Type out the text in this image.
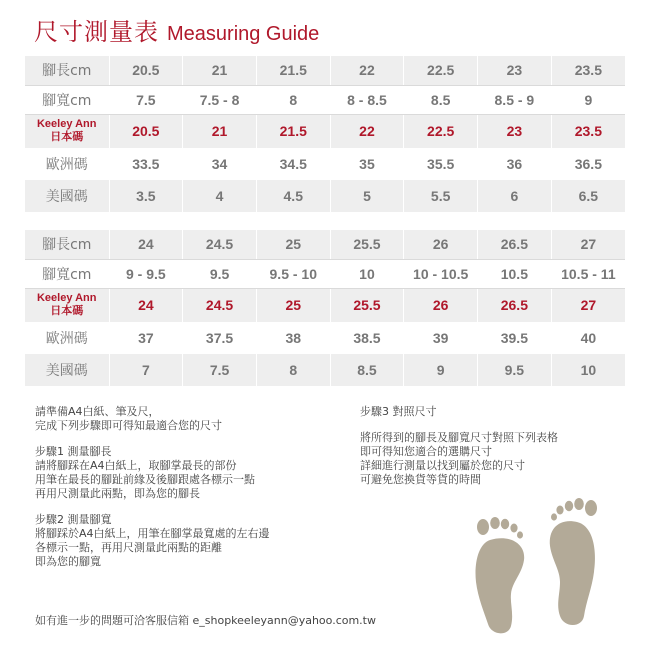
尺寸測量表 Measuring Guide
腳長cm	20.5	21	21.5	22	22.5	23	23.5
腳寬cm	7.5	7.5 - 8	8	8 - 8.5	8.5	8.5 - 9	9

Keeley Ann
日本碼	20.5	21	21.5	22	22.5	23	23.5
歐洲碼	33.5	34	34.5	35	35.5	36	36.5
美國碼	3.5	4	4.5	5	5.5	6	6.5
腳長cm	24	24.5	25	25.5	26	26.5	27
腳寬cm	9 - 9.5	9.5	9.5 - 10	10	10 - 10.5	10.5	10.5 - 11

Keeley Ann
日本碼	24	24.5	25	25.5	26	26.5	27
歐洲碼	37	37.5	38	38.5	39	39.5	40
美國碼	7	7.5	8	8.5	9	9.5	10

請準備A4白紙、筆及尺，

完成下列步驟即可得知最適合您的尺寸

步驟1 測量腳長

請將腳踩在A4白紙上，取腳掌最長的部份

用筆在最長的腳趾前緣及後腳跟處各標示一點

再用尺測量此兩點，即為您的腳長

步驟2 測量腳寬

將腳踩於A4白紙上，用筆在腳掌最寬處的左右邊

各標示一點，再用尺測量此兩點的距離

即為您的腳寬

如有進一步的問題可洽客服信箱 e_shopkeeleyann@yahoo.com.tw

步驟3 對照尺寸

將所得到的腳長及腳寬尺寸對照下列表格

即可得知您適合的選購尺寸

詳細進行測量以找到屬於您的尺寸

可避免您換貨等貨的時間
